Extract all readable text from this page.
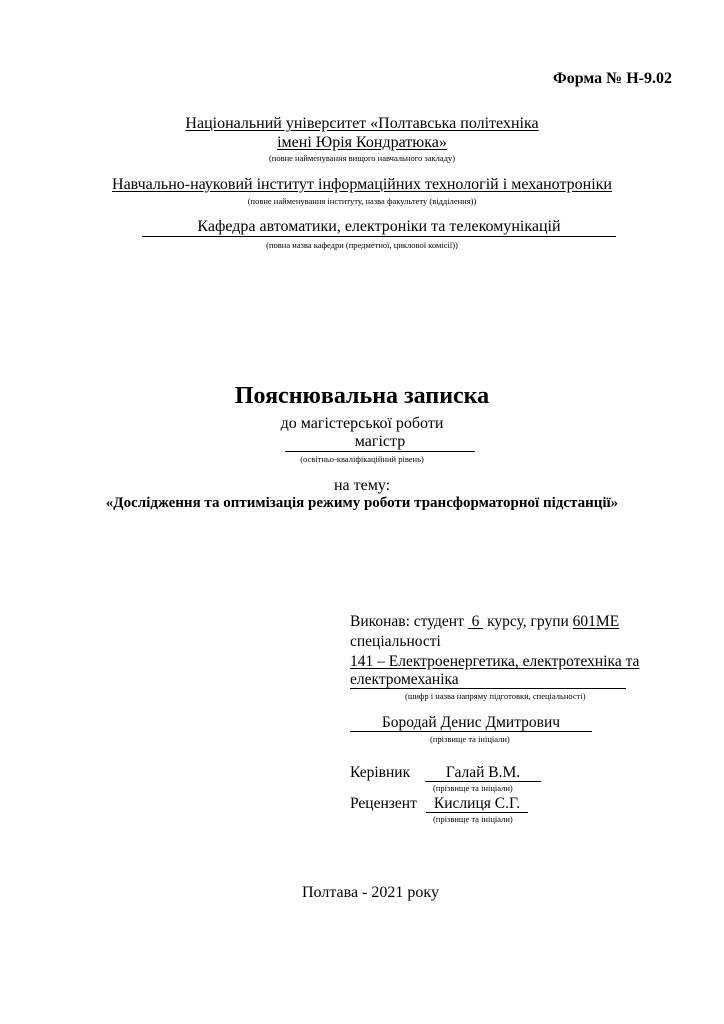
Форма № Н-9.02
Національний університет «Полтавська політехніка
імені Юрія Кондратюка»
(повне найменування вищого навчального закладу)
Навчально-науковий інститут інформаційних технологій і механотроніки
(повне найменування інституту, назва факультету (відділення))
Кафедра автоматики, електроніки та телекомунікацій
(повна назва кафедри (предметної, циклової комісії))
Пояснювальна записка
до магістерської роботи
магістр
(освітньо-кваліфікаційний рівень)
на тему:
«Дослідження та оптимізація режиму роботи трансформаторної підстанції»
Виконав: студент 6 курсу, групи 601МЕ
спеціальності
141 – Електроенергетика, електротехніка та
електромеханіка
(шифр і назва напряму підготовки, спеціальності)
Бородай Денис Дмитрович
(прізвище та ініціали)
Керівник	Галай В.М.
(прізвище та ініціали)
Рецензент	Кислиця С.Г.
(прізвище та ініціали)
Полтава - 2021 року
